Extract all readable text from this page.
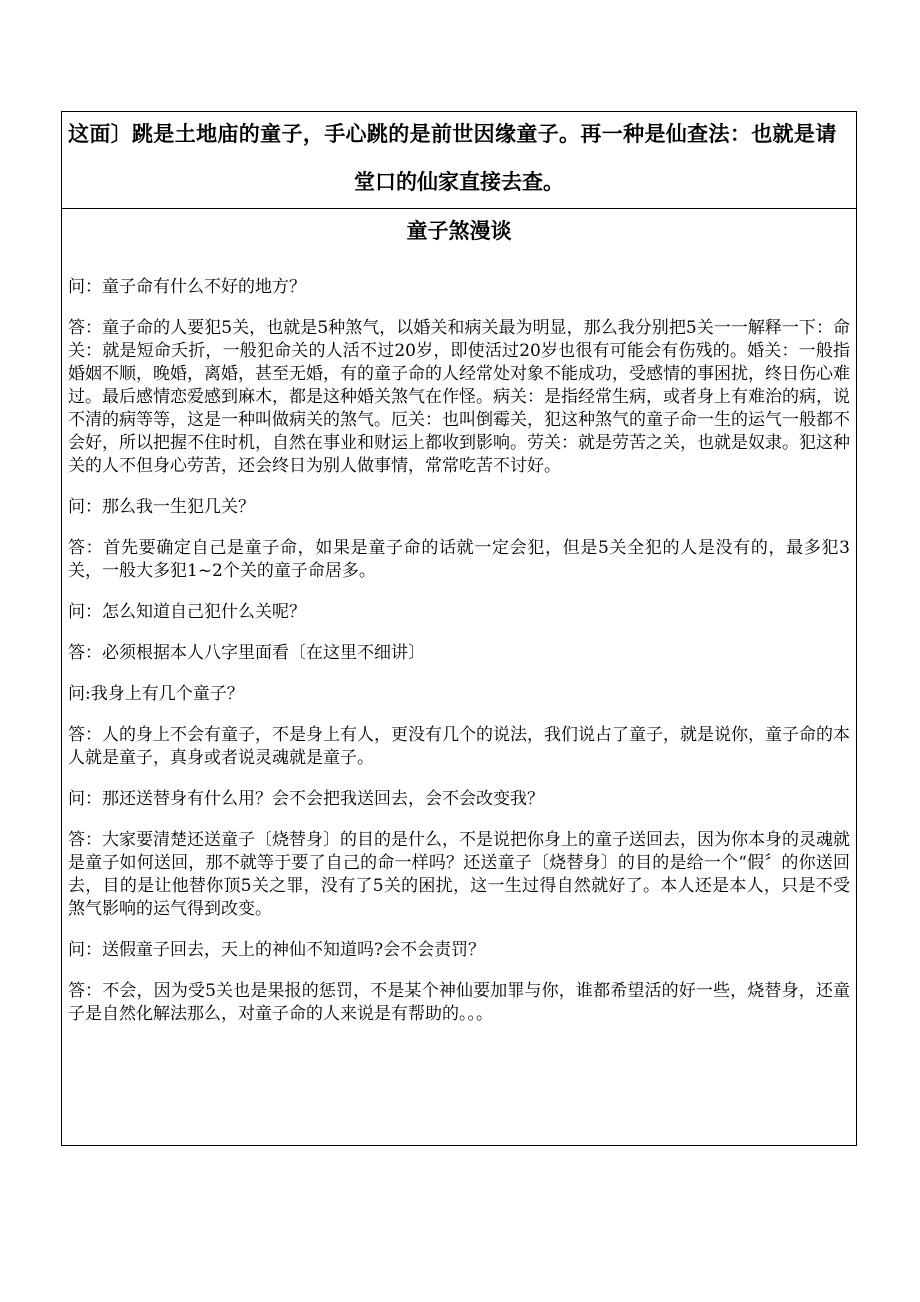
这面〕跳是土地庙的童子，手心跳的是前世因缘童子。再一种是仙查法：也就是请
堂口的仙家直接去查。
童子煞漫谈

问：童子命有什么不好的地方？

答：童子命的人要犯5关，也就是5种煞气，以婚关和病关最为明显，那么我分别把5关一一解释一下：命关：就是短命夭折，一般犯命关的人活不过20岁，即使活过20岁也很有可能会有伤残的。婚关：一般指婚姻不顺，晚婚，离婚，甚至无婚，有的童子命的人经常处对象不能成功，受感情的事困扰，终日伤心难过。最后感情恋爱感到麻木，都是这种婚关煞气在作怪。病关：是指经常生病，或者身上有难治的病，说不清的病等等，这是一种叫做病关的煞气。厄关：也叫倒霉关，犯这种煞气的童子命一生的运气一般都不会好，所以把握不住时机，自然在事业和财运上都收到影响。劳关：就是劳苦之关，也就是奴隶。犯这种关的人不但身心劳苦，还会终日为别人做事情，常常吃苦不讨好。

问：那么我一生犯几关？

答：首先要确定自己是童子命，如果是童子命的话就一定会犯，但是5关全犯的人是没有的，最多犯3关，一般大多犯1~2个关的童子命居多。

问：怎么知道自己犯什么关呢？

答：必须根据本人八字里面看〔在这里不细讲〕

问:我身上有几个童子？

答：人的身上不会有童子，不是身上有人，更没有几个的说法，我们说占了童子，就是说你，童子命的本人就是童子，真身或者说灵魂就是童子。

问：那还送替身有什么用？会不会把我送回去，会不会改变我？

答：大家要清楚还送童子〔烧替身〕的目的是什么，不是说把你身上的童子送回去，因为你本身的灵魂就是童子如何送回，那不就等于要了自己的命一样吗？还送童子〔烧替身〕的目的是给一个“假〞的你送回去，目的是让他替你顶5关之罪，没有了5关的困扰，这一生过得自然就好了。本人还是本人，只是不受煞气影响的运气得到改变。

问：送假童子回去，天上的神仙不知道吗?会不会责罚？

答：不会，因为受5关也是果报的惩罚，不是某个神仙要加罪与你，谁都希望活的好一些，烧替身，还童子是自然化解法那么，对童子命的人来说是有帮助的。。。
